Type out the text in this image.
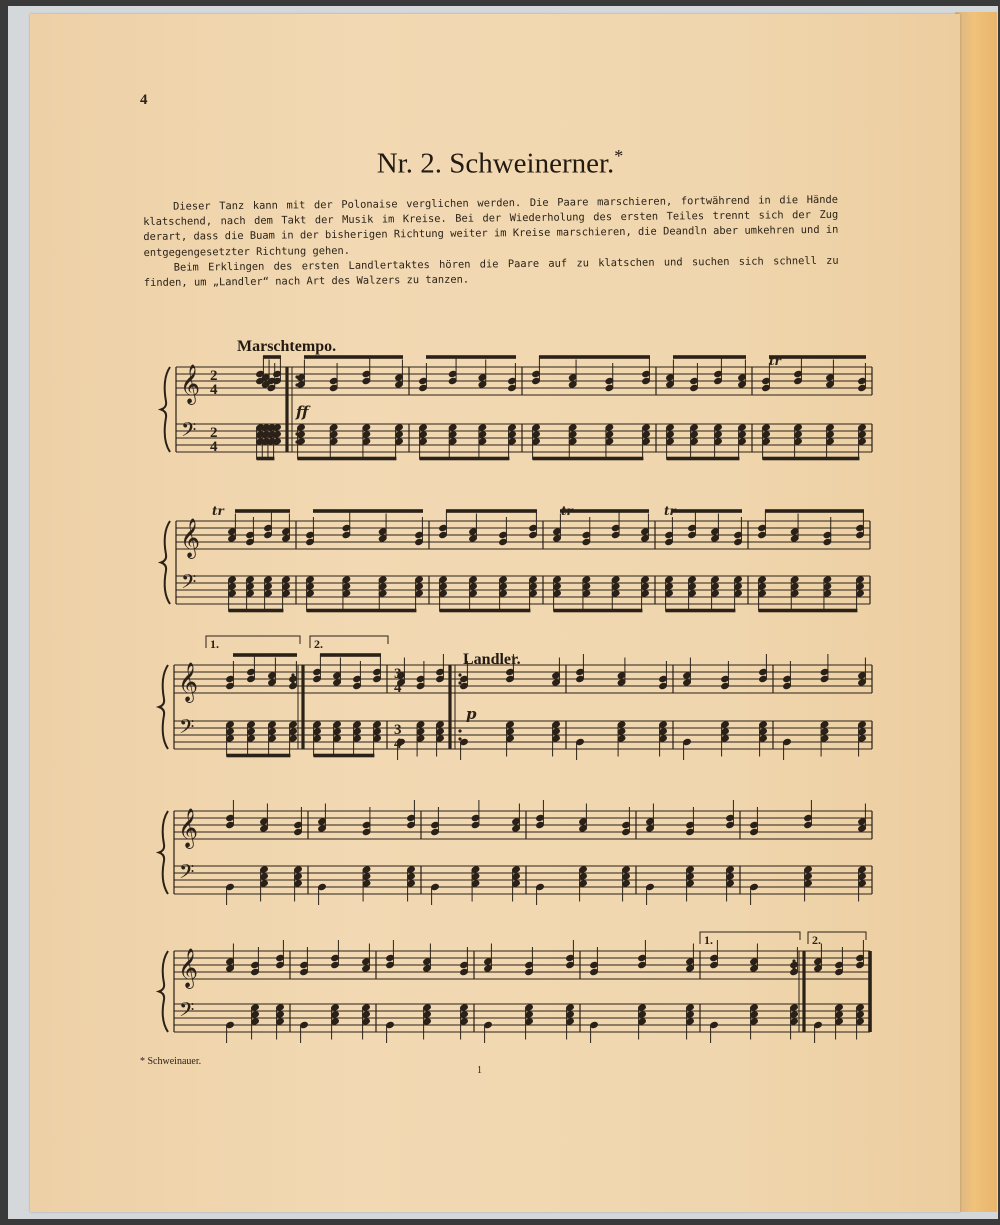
4
Nr. 2. Schweinerner.*

Dieser Tanz kann mit der Polonaise verglichen werden. Die Paare marschieren, fortwährend in die Hände klatschend, nach dem Takt der Musik im Kreise. Bei der Wiederholung des ersten Teiles trennt sich der Zug derart, dass die Buam in der bisherigen Richtung weiter im Kreise marschieren, die Deandln aber umkehren und in entgegengesetzter Richtung gehen.

Beim Erklingen des ersten Landlertaktes hören die Paare auf zu klatschen und suchen sich schnell zu finden, um „Landler“ nach Art des Walzers zu tanzen.

Marschtempo.
Landler.
𝄞
𝄢
𝄞
𝄢
𝄞
𝄢
𝄞
𝄢
𝄞
𝄢
2
4
2
4
ff
tr
tr	tr	tr
1.	2.
3
4
3
4
p
1.	2.
* Schweinauer.
1
